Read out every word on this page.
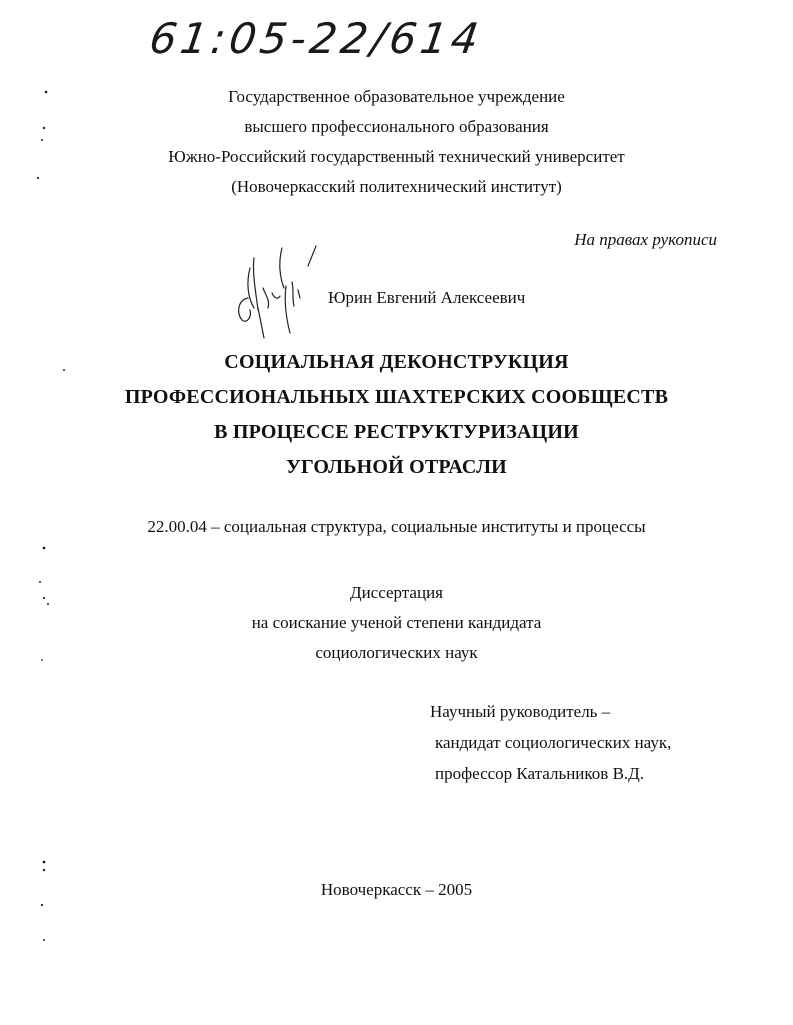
61:05-22/614
Государственное образовательное учреждение
высшего профессионального образования
Южно-Российский государственный технический университет
(Новочеркасский политехнический институт)
На правах рукописи
Юрин Евгений Алексеевич
СОЦИАЛЬНАЯ ДЕКОНСТРУКЦИЯ
ПРОФЕССИОНАЛЬНЫХ ШАХТЕРСКИХ СООБЩЕСТВ
В ПРОЦЕССЕ РЕСТРУКТУРИЗАЦИИ
УГОЛЬНОЙ ОТРАСЛИ
22.00.04 – социальная структура, социальные институты и процессы
Диссертация
на соискание ученой степени кандидата
социологических наук
Научный руководитель –
кандидат социологических наук,
профессор Катальников В.Д.
Новочеркасск – 2005
